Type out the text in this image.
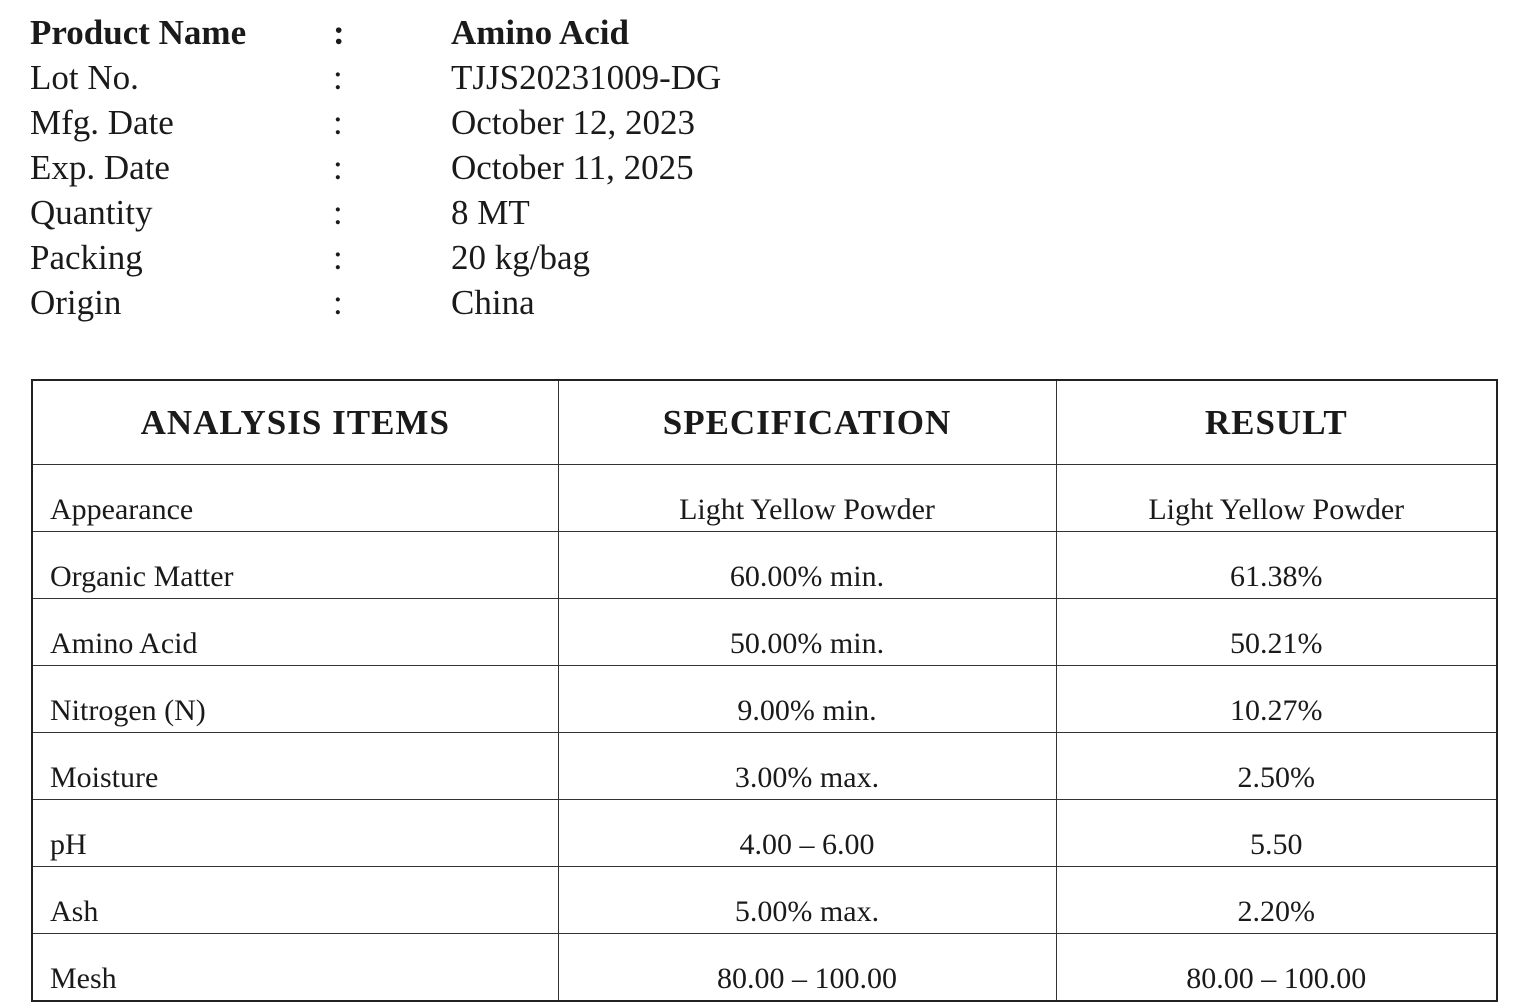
Product Name :	Amino Acid
Lot No.	:	TJJS20231009-DG
Mfg. Date	:	October 12, 2023
Exp. Date	:	October 11, 2025
Quantity	:	8 MT
Packing	:	20 kg/bag
Origin	:	China
ANALYSIS ITEMS	SPECIFICATION	RESULT
Appearance	Light Yellow Powder	Light Yellow Powder
Organic Matter	60.00% min.	61.38%
Amino Acid	50.00% min.	50.21%
Nitrogen (N)	9.00% min.	10.27%
Moisture	3.00% max.	2.50%
pH	4.00 – 6.00	5.50
Ash	5.00% max.	2.20%
Mesh	80.00 – 100.00	80.00 – 100.00
